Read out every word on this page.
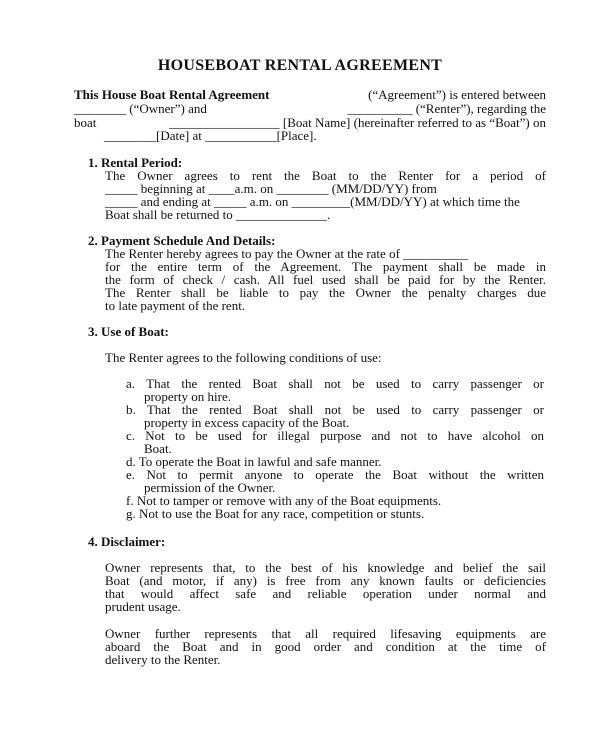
HOUSEBOAT RENTAL AGREEMENT
This House Boat Rental Agreement	(“Agreement”) is entered between
________ (“Owner”) and	__________ (“Renter”), regarding the
boat	_________________ [Boat Name] (hereinafter referred to as “Boat”) on
________[Date] at ___________[Place].
1. Rental Period:
The Owner agrees to rent the Boat to the Renter for a period of
_____ beginning at ____a.m. on ________ (MM/DD/YY) from
_____ and ending at _____ a.m. on _________(MM/DD/YY) at which time the
Boat shall be returned to ______________.
2. Payment Schedule And Details:
The Renter hereby agrees to pay the Owner at the rate of __________
for the entire term of the Agreement. The payment shall be made in
the form of check / cash. All fuel used shall be paid for by the Renter.
The Renter shall be liable to pay the Owner the penalty charges due
to late payment of the rent.
3. Use of Boat:
The Renter agrees to the following conditions of use:
a. That the rented Boat shall not be used to carry passenger or
property on hire.
b. That the rented Boat shall not be used to carry passenger or
property in excess capacity of the Boat.
c. Not to be used for illegal purpose and not to have alcohol on
Boat.
d. To operate the Boat in lawful and safe manner.
e. Not to permit anyone to operate the Boat without the written
permission of the Owner.
f. Not to tamper or remove with any of the Boat equipments.
g. Not to use the Boat for any race, competition or stunts.
4. Disclaimer:
Owner represents that, to the best of his knowledge and belief the sail
Boat (and motor, if any) is free from any known faults or deficiencies
that would affect safe and reliable operation under normal and
prudent usage.
Owner further represents that all required lifesaving equipments are
aboard the Boat and in good order and condition at the time of
delivery to the Renter.
